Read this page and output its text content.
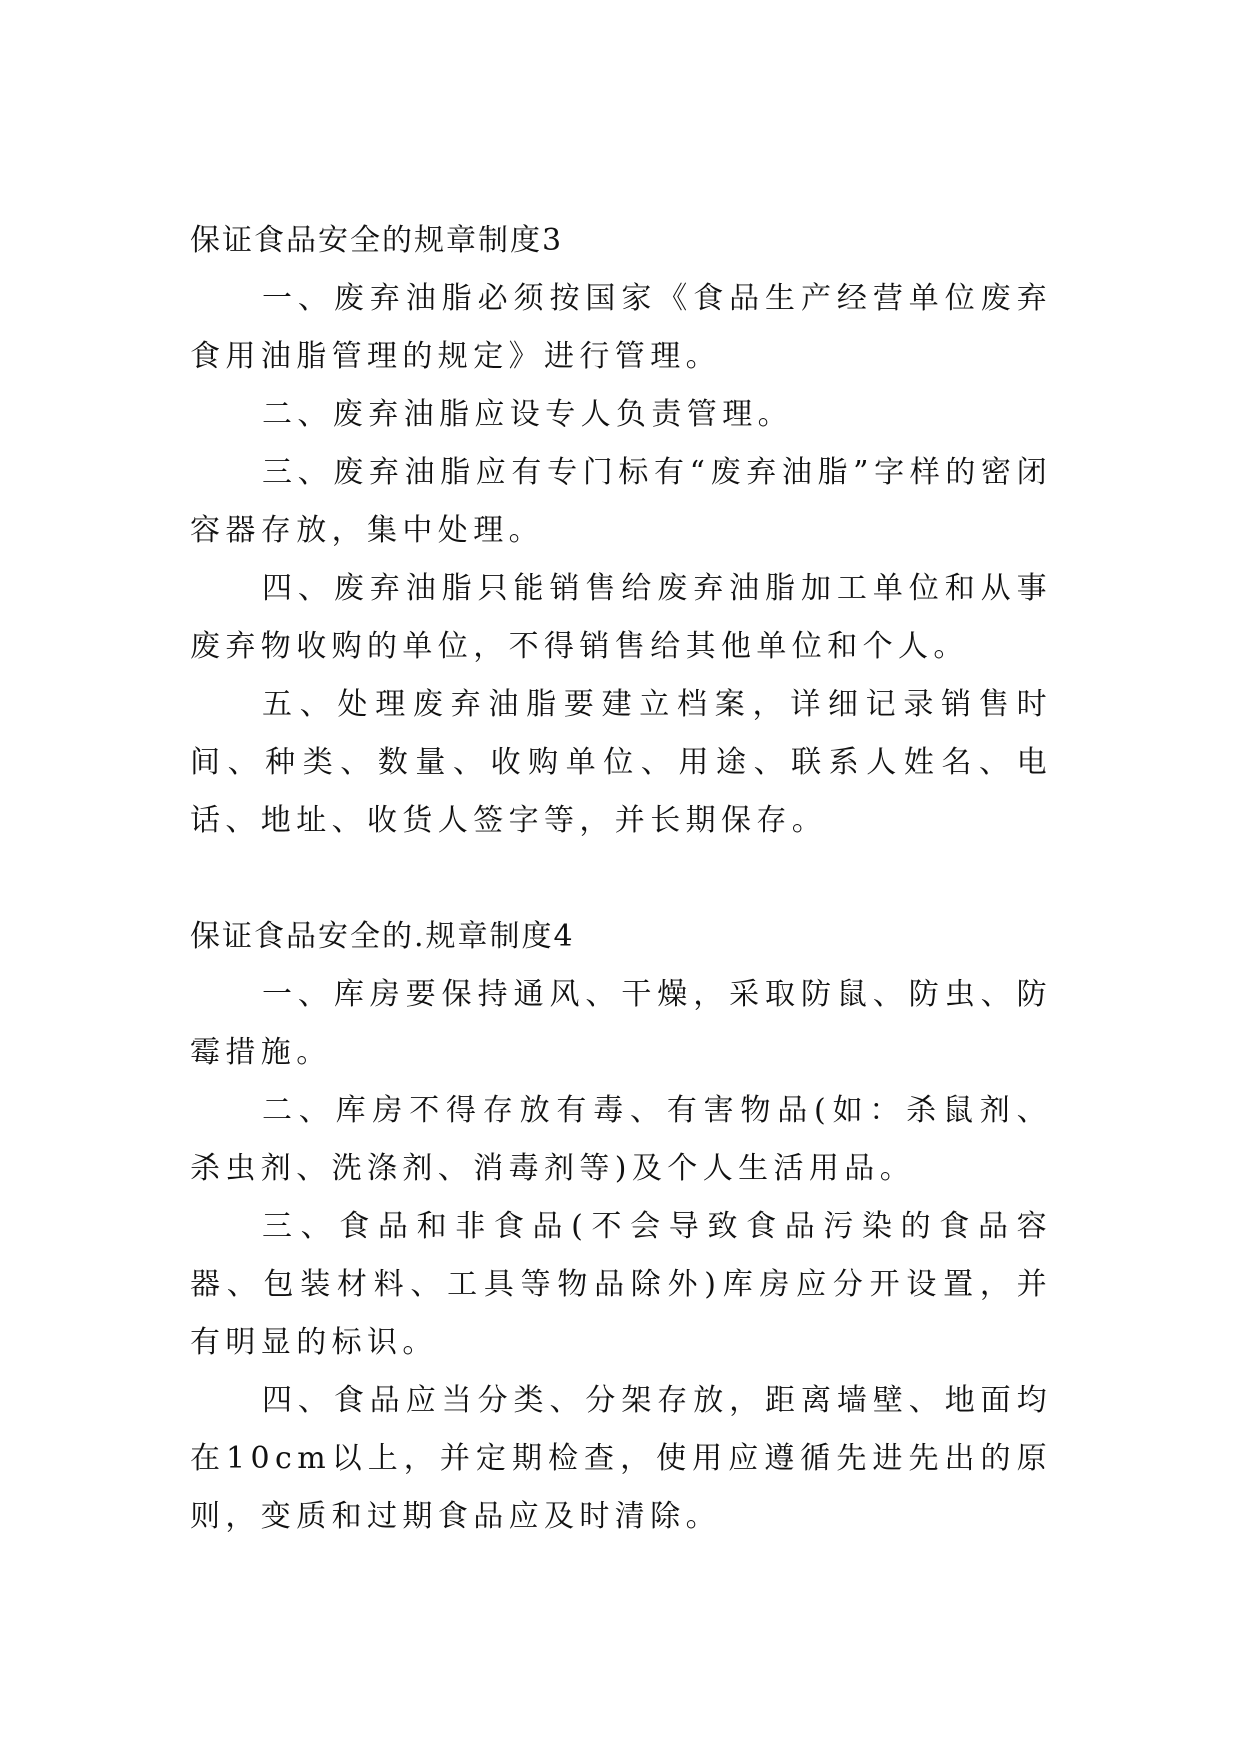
保证食品安全的规章制度3

一、废弃油脂必须按国家《食品生产经营单位废弃食用油脂管理的规定》进行管理。

二、废弃油脂应设专人负责管理。

三、废弃油脂应有专门标有“废弃油脂”字样的密闭容器存放，集中处理。

四、废弃油脂只能销售给废弃油脂加工单位和从事废弃物收购的单位，不得销售给其他单位和个人。

五、处理废弃油脂要建立档案，详细记录销售时间、种类、数量、收购单位、用途、联系人姓名、电话、地址、收货人签字等，并长期保存。

保证食品安全的.规章制度4

一、库房要保持通风、干燥，采取防鼠、防虫、防霉措施。

二、库房不得存放有毒、有害物品(如：杀鼠剂、杀虫剂、洗涤剂、消毒剂等)及个人生活用品。

三、食品和非食品(不会导致食品污染的食品容器、包装材料、工具等物品除外)库房应分开设置，并有明显的标识。

四、食品应当分类、分架存放，距离墙壁、地面均在10cm以上，并定期检查，使用应遵循先进先出的原则，变质和过期食品应及时清除。
